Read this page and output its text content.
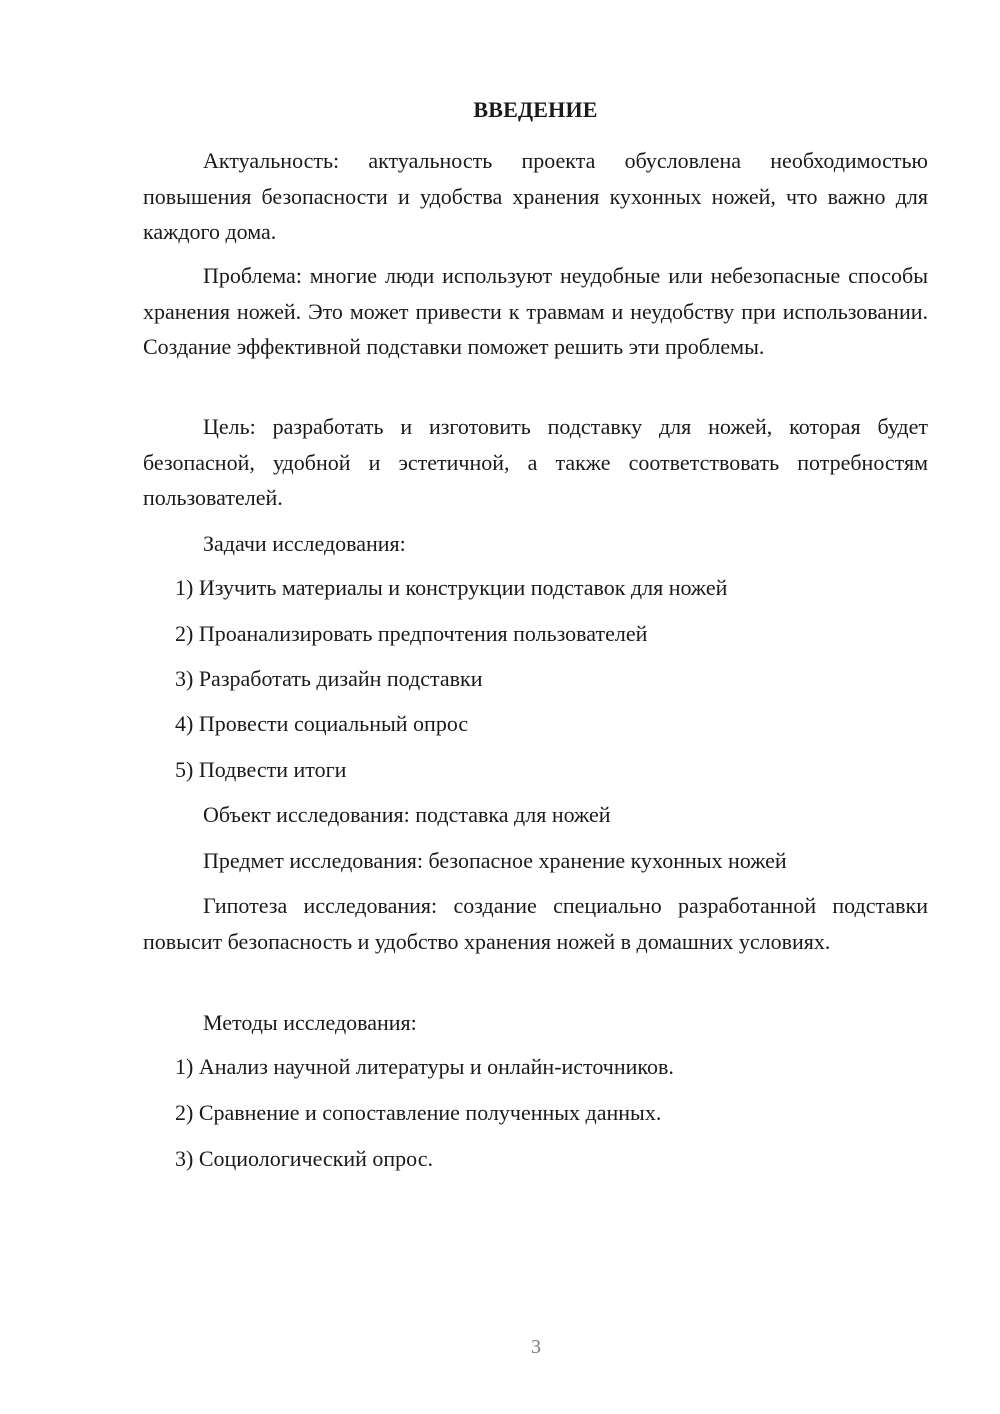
ВВЕДЕНИЕ

Актуальность: актуальность проекта обусловлена необходимостью повышения безопасности и удобства хранения кухонных ножей, что важно для каждого дома.

Проблема: многие люди используют неудобные или небезопасные способы хранения ножей. Это может привести к травмам и неудобству при использовании. Создание эффективной подставки поможет решить эти проблемы.

Цель: разработать и изготовить подставку для ножей, которая будет безопасной, удобной и эстетичной, а также соответствовать потребностям пользователей.

Задачи исследования:

1) Изучить материалы и конструкции подставок для ножей

2) Проанализировать предпочтения пользователей

3) Разработать дизайн подставки

4) Провести социальный опрос

5) Подвести итоги

Объект исследования: подставка для ножей

Предмет исследования: безопасное хранение кухонных ножей

Гипотеза исследования: создание специально разработанной подставки повысит безопасность и удобство хранения ножей в домашних условиях.

Методы исследования:

1) Анализ научной литературы и онлайн-источников.

2) Сравнение и сопоставление полученных данных.

3) Социологический опрос.

3
